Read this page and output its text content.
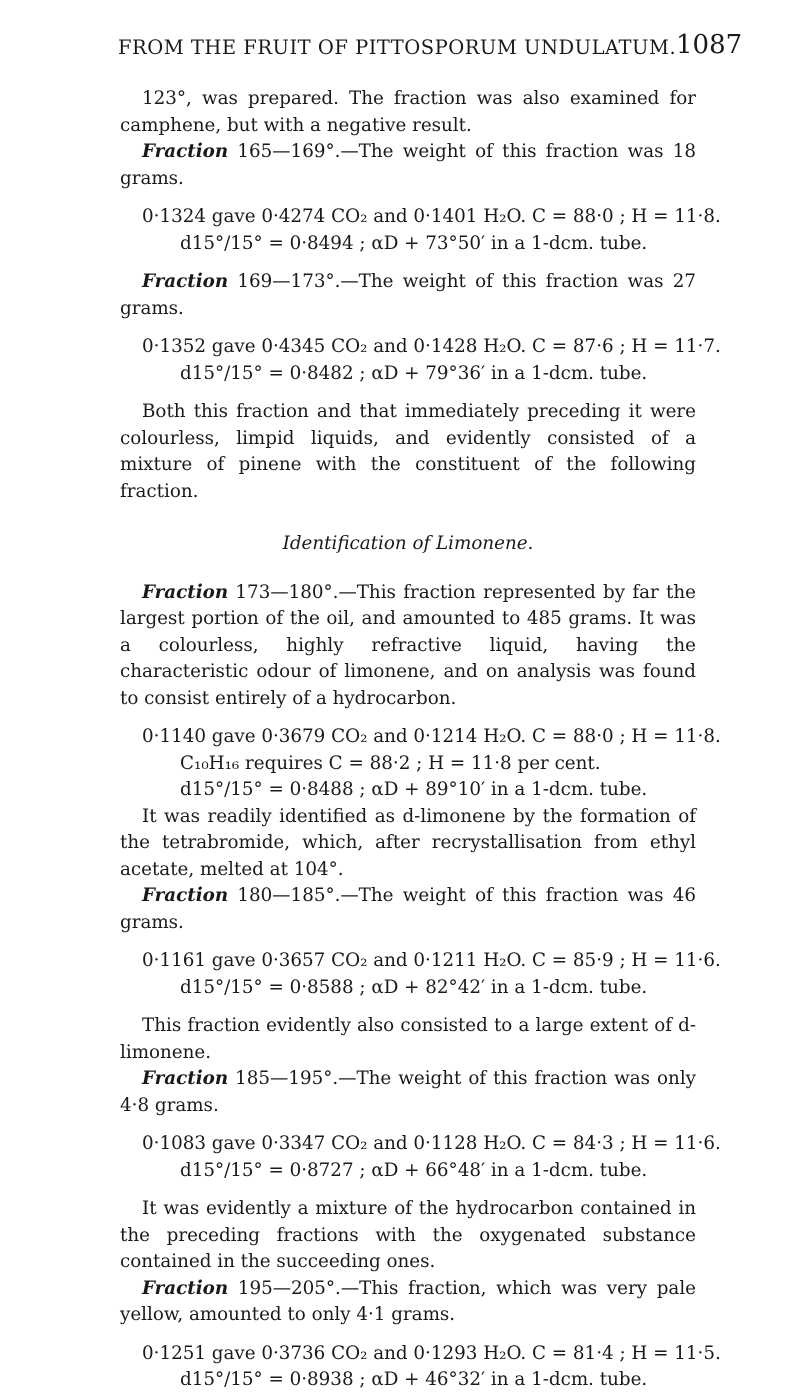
FROM THE FRUIT OF PITTOSPORUM UNDULATUM. 1087

123°, was prepared. The fraction was also examined for camphene, but with a negative result.

Fraction 165—169°.—The weight of this fraction was 18 grams.

0·1324 gave 0·4274 CO₂ and 0·1401 H₂O. C = 88·0 ; H = 11·8.

d15°/15° = 0·8494 ; αD + 73°50′ in a 1-dcm. tube.

Fraction 169—173°.—The weight of this fraction was 27 grams.

0·1352 gave 0·4345 CO₂ and 0·1428 H₂O. C = 87·6 ; H = 11·7.

d15°/15° = 0·8482 ; αD + 79°36′ in a 1-dcm. tube.

Both this fraction and that immediately preceding it were colourless, limpid liquids, and evidently consisted of a mixture of pinene with the constituent of the following fraction.

Identification of Limonene.

Fraction 173—180°.—This fraction represented by far the largest portion of the oil, and amounted to 485 grams. It was a colourless, highly refractive liquid, having the characteristic odour of limonene, and on analysis was found to consist entirely of a hydrocarbon.

0·1140 gave 0·3679 CO₂ and 0·1214 H₂O. C = 88·0 ; H = 11·8.

C₁₀H₁₆ requires C = 88·2 ; H = 11·8 per cent.

d15°/15° = 0·8488 ; αD + 89°10′ in a 1-dcm. tube.

It was readily identified as d-limonene by the formation of the tetrabromide, which, after recrystallisation from ethyl acetate, melted at 104°.

Fraction 180—185°.—The weight of this fraction was 46 grams.

0·1161 gave 0·3657 CO₂ and 0·1211 H₂O. C = 85·9 ; H = 11·6.

d15°/15° = 0·8588 ; αD + 82°42′ in a 1-dcm. tube.

This fraction evidently also consisted to a large extent of d-limonene.

Fraction 185—195°.—The weight of this fraction was only 4·8 grams.

0·1083 gave 0·3347 CO₂ and 0·1128 H₂O. C = 84·3 ; H = 11·6.

d15°/15° = 0·8727 ; αD + 66°48′ in a 1-dcm. tube.

It was evidently a mixture of the hydrocarbon contained in the preceding fractions with the oxygenated substance contained in the succeeding ones.

Fraction 195—205°.—This fraction, which was very pale yellow, amounted to only 4·1 grams.

0·1251 gave 0·3736 CO₂ and 0·1293 H₂O. C = 81·4 ; H = 11·5.

d15°/15° = 0·8938 ; αD + 46°32′ in a 1-dcm. tube.
